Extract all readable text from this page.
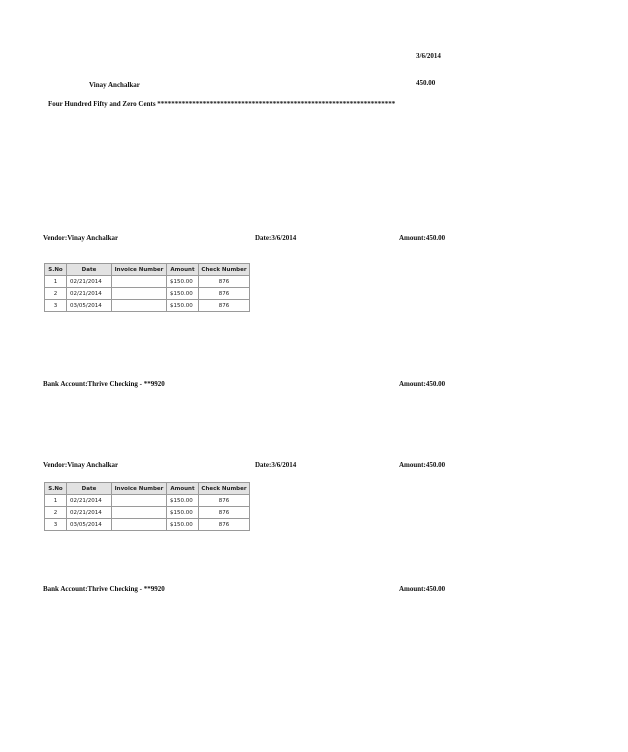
3/6/2014
Vinay Anchalkar	450.00
Four Hundred Fifty and Zero Cents ********************************************************************
Vendor:Vinay Anchalkar	Date:3/6/2014	Amount:450.00
S.No	Date	Invoice Number	Amount	Check Number
1	02/21/2014		$150.00	876
2	02/21/2014		$150.00	876
3	03/05/2014		$150.00	876
Bank Account:Thrive Checking - **9920	Amount:450.00
Vendor:Vinay Anchalkar	Date:3/6/2014	Amount:450.00
S.No	Date	Invoice Number	Amount	Check Number
1	02/21/2014		$150.00	876
2	02/21/2014		$150.00	876
3	03/05/2014		$150.00	876
Bank Account:Thrive Checking - **9920	Amount:450.00
